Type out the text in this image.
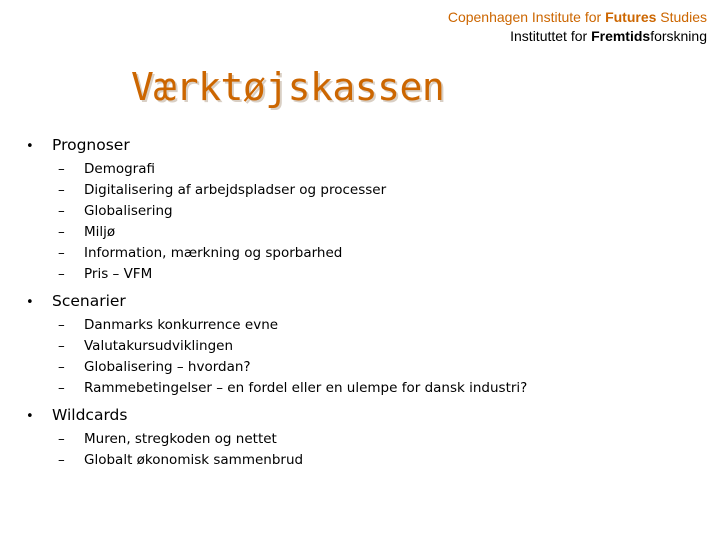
Copenhagen Institute for Futures Studies
Instituttet for Fremtidsforskning
Værktøjskassen
•	Prognoser
–	Demografi
–	Digitalisering af arbejdspladser og processer
–	Globalisering
–	Miljø
–	Information, mærkning og sporbarhed
–	Pris – VFM
•	Scenarier
–	Danmarks konkurrence evne
–	Valutakursudviklingen
–	Globalisering – hvordan?
–	Rammebetingelser – en fordel eller en ulempe for dansk industri?
•	Wildcards
–	Muren, stregkoden og nettet
–	Globalt økonomisk sammenbrud
